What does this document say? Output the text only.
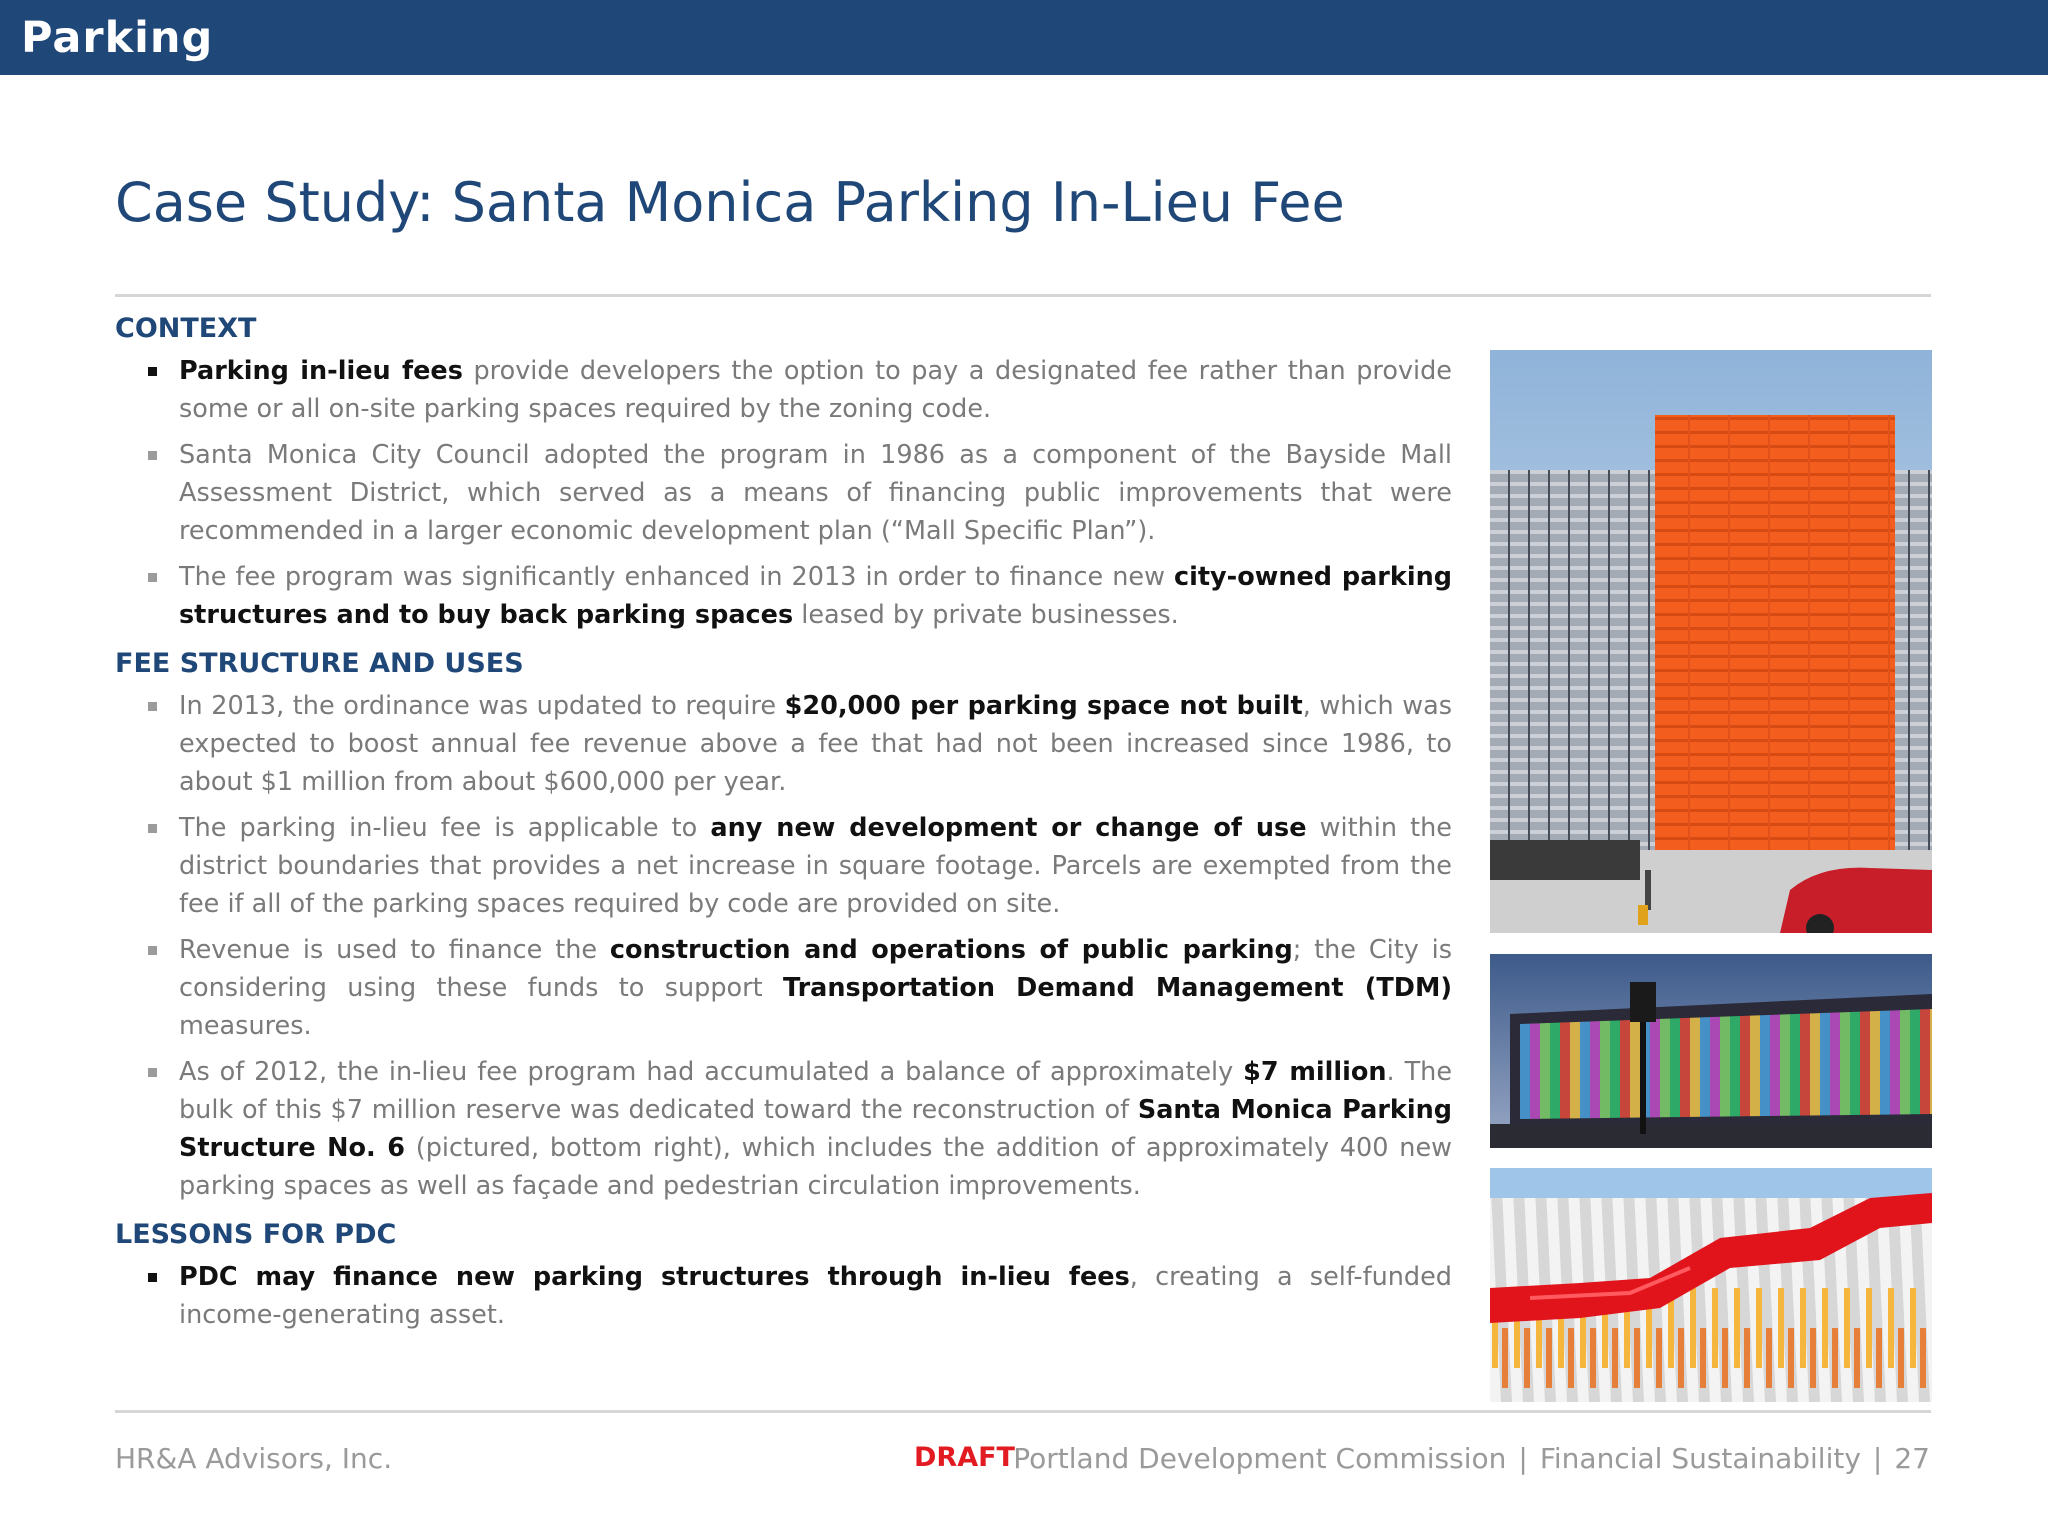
Parking
Case Study: Santa Monica Parking In-Lieu Fee
CONTEXT
Parking in-lieu fees provide developers the option to pay a designated fee rather than provide some or all on-site parking spaces required by the zoning code.
Santa Monica City Council adopted the program in 1986 as a component of the Bayside Mall Assessment District, which served as a means of financing public improvements that were recommended in a larger economic development plan (“Mall Specific Plan”).
The fee program was significantly enhanced in 2013 in order to finance new city-owned parking structures and to buy back parking spaces leased by private businesses.
FEE STRUCTURE AND USES
In 2013, the ordinance was updated to require $20,000 per parking space not built, which was expected to boost annual fee revenue above a fee that had not been increased since 1986, to about $1 million from about $600,000 per year.
The parking in-lieu fee is applicable to any new development or change of use within the district boundaries that provides a net increase in square footage. Parcels are exempted from the fee if all of the parking spaces required by code are provided on site.
Revenue is used to finance the construction and operations of public parking; the City is considering using these funds to support Transportation Demand Management (TDM) measures.
As of 2012, the in-lieu fee program had accumulated a balance of approximately $7 million. The bulk of this $7 million reserve was dedicated toward the reconstruction of Santa Monica Parking Structure No. 6 (pictured, bottom right), which includes the addition of approximately 400 new parking spaces as well as façade and pedestrian circulation improvements.
LESSONS FOR PDC
PDC may finance new parking structures through in-lieu fees, creating a self-funded income-generating asset.
HR&A Advisors, Inc.	DRAFT
Portland Development Commission | Financial Sustainability | 27
